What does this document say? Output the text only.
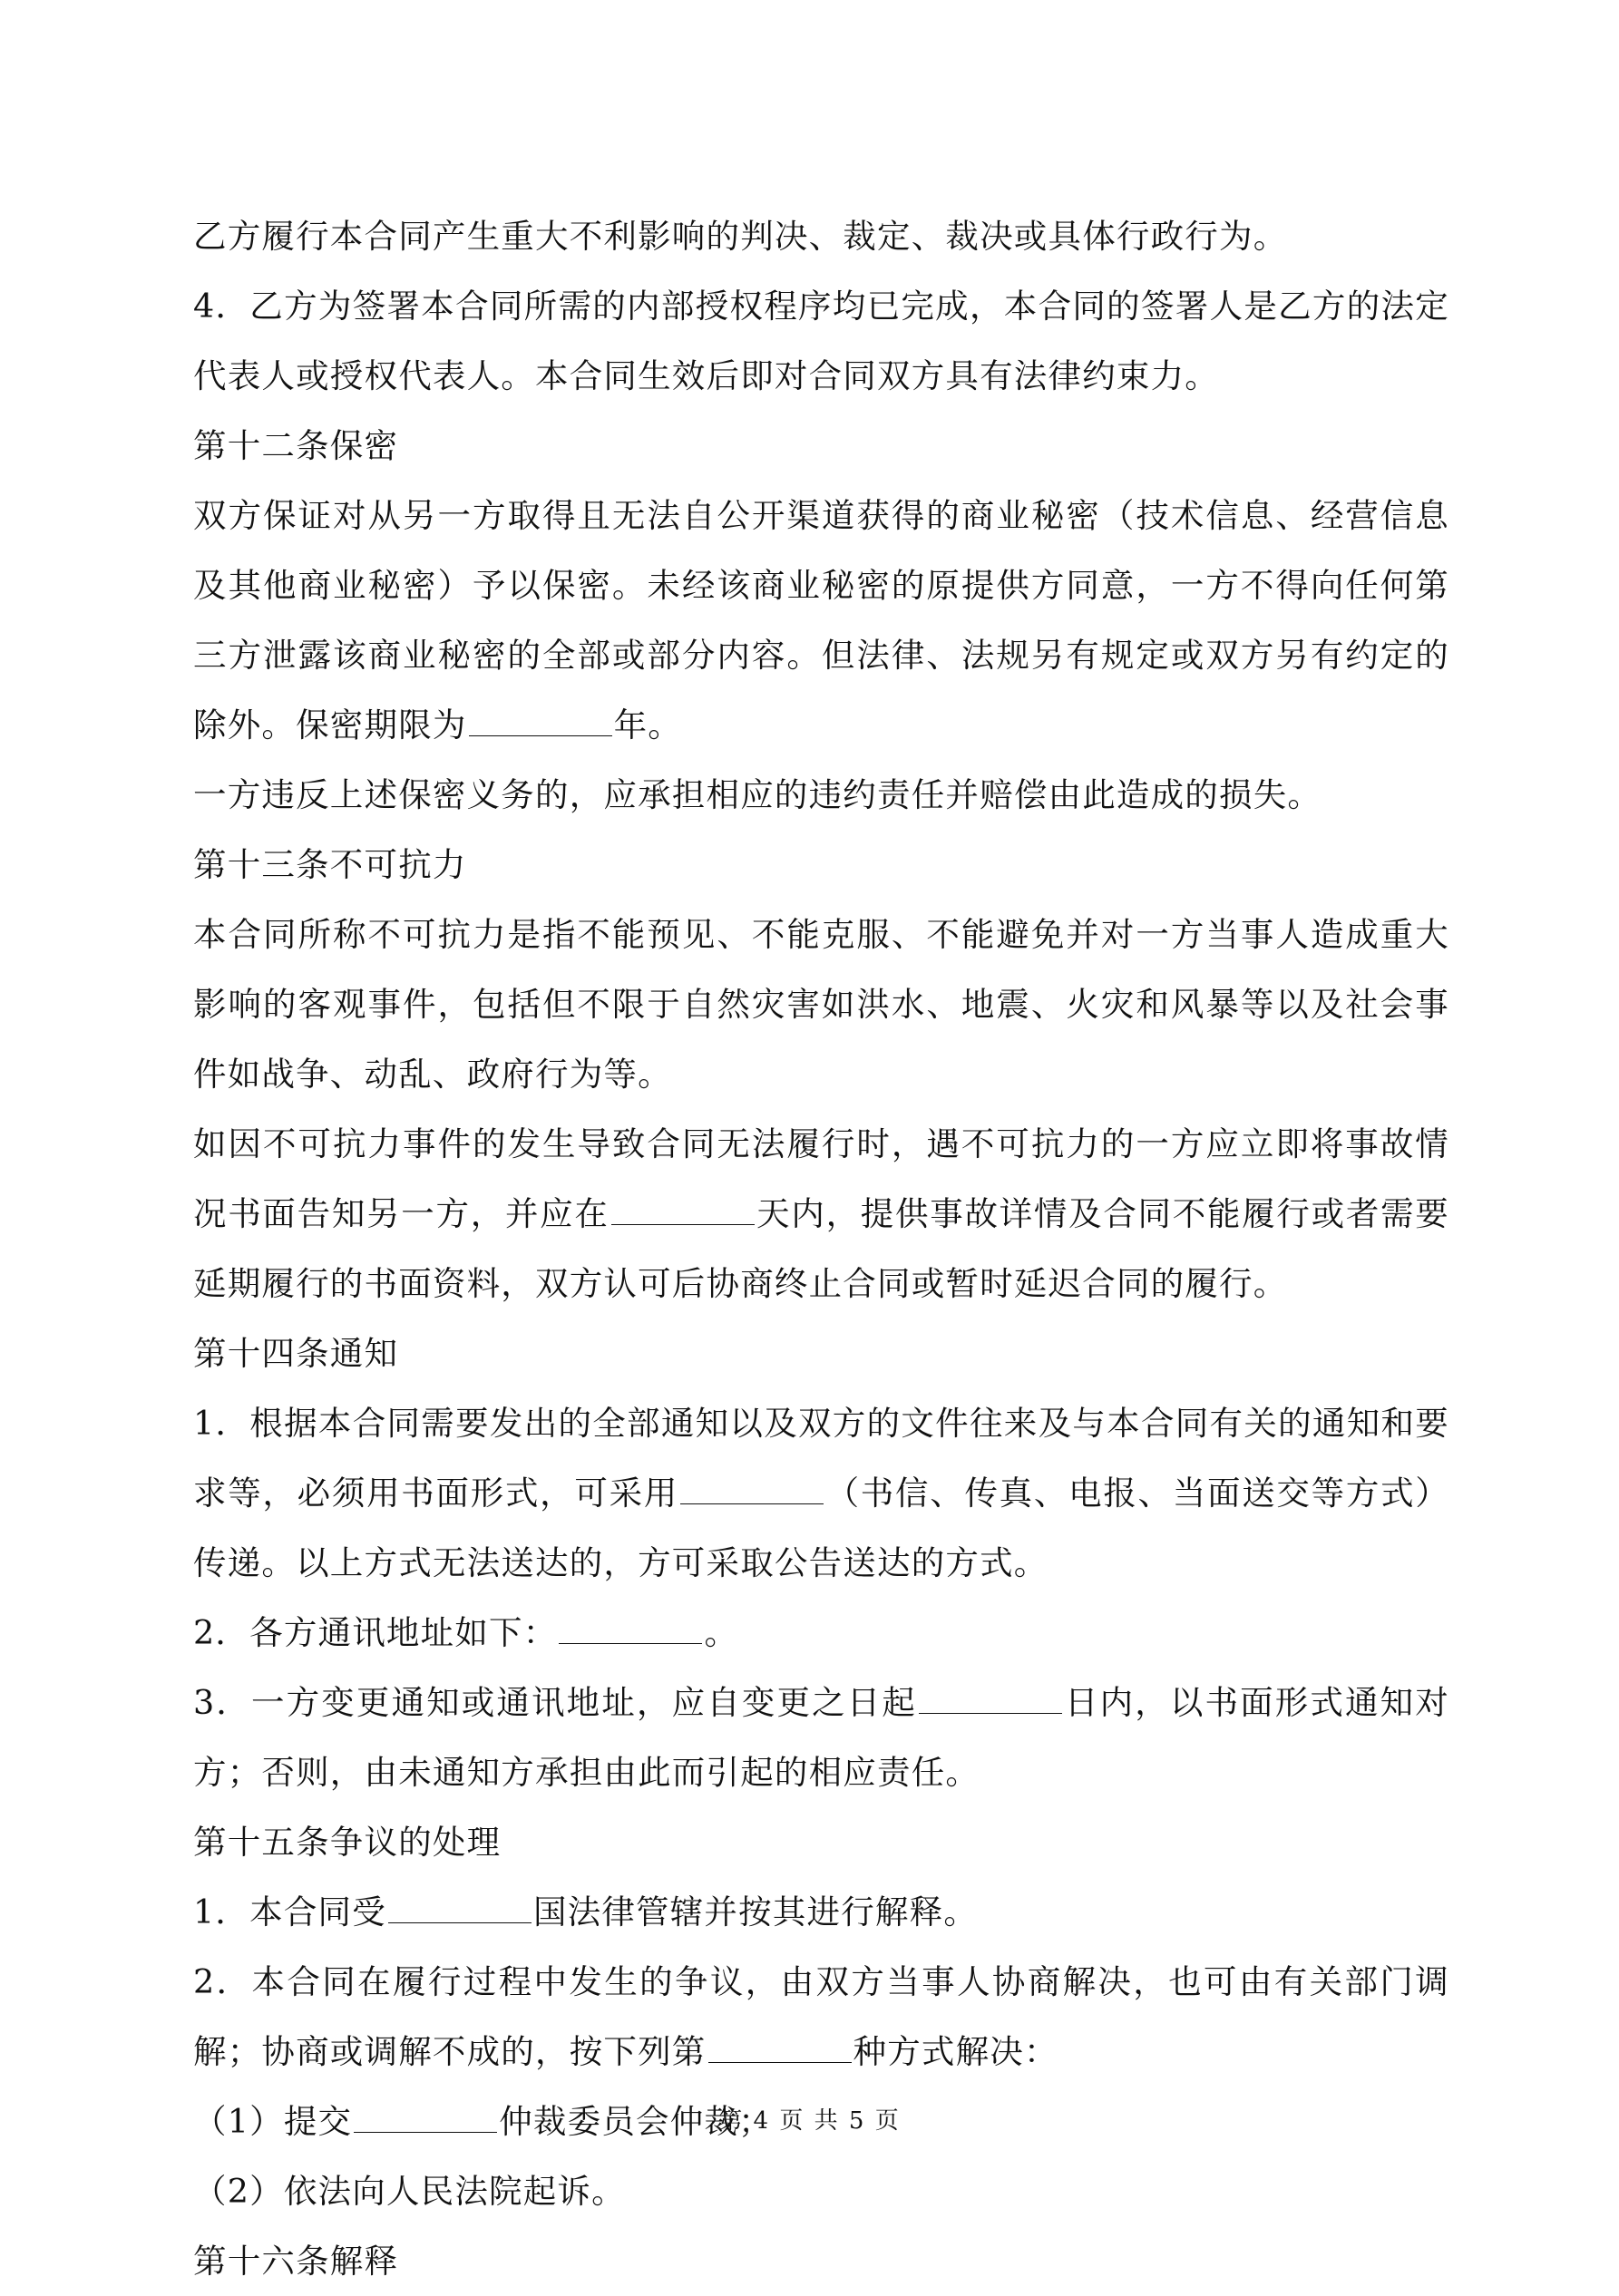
乙方履行本合同产生重大不利影响的判决、裁定、裁决或具体行政行为。

4．乙方为签署本合同所需的内部授权程序均已完成，本合同的签署人是乙方的法定代表人或授权代表人。本合同生效后即对合同双方具有法律约束力。

第十二条保密

双方保证对从另一方取得且无法自公开渠道获得的商业秘密（技术信息、经营信息及其他商业秘密）予以保密。未经该商业秘密的原提供方同意，一方不得向任何第三方泄露该商业秘密的全部或部分内容。但法律、法规另有规定或双方另有约定的除外。保密期限为	年。

一方违反上述保密义务的，应承担相应的违约责任并赔偿由此造成的损失。

第十三条不可抗力

本合同所称不可抗力是指不能预见、不能克服、不能避免并对一方当事人造成重大影响的客观事件，包括但不限于自然灾害如洪水、地震、火灾和风暴等以及社会事件如战争、动乱、政府行为等。

如因不可抗力事件的发生导致合同无法履行时，遇不可抗力的一方应立即将事故情况书面告知另一方，并应在	天内，提供事故详情及合同不能履行或者需要延期履行的书面资料，双方认可后协商终止合同或暂时延迟合同的履行。

第十四条通知

1．根据本合同需要发出的全部通知以及双方的文件往来及与本合同有关的通知和要求等，必须用书面形式，可采用	（书信、传真、电报、当面送交等方式）传递。以上方式无法送达的，方可采取公告送达的方式。

2．各方通讯地址如下：	。

3．一方变更通知或通讯地址，应自变更之日起	日内，以书面形式通知对方；否则，由未通知方承担由此而引起的相应责任。

第十五条争议的处理

1．本合同受	国法律管辖并按其进行解释。

2．本合同在履行过程中发生的争议，由双方当事人协商解决，也可由有关部门调解；协商或调解不成的，按下列第	种方式解决：

（1）提交	仲裁委员会仲裁；

（2）依法向人民法院起诉。

第十六条解释

第 4 页 共 5 页
